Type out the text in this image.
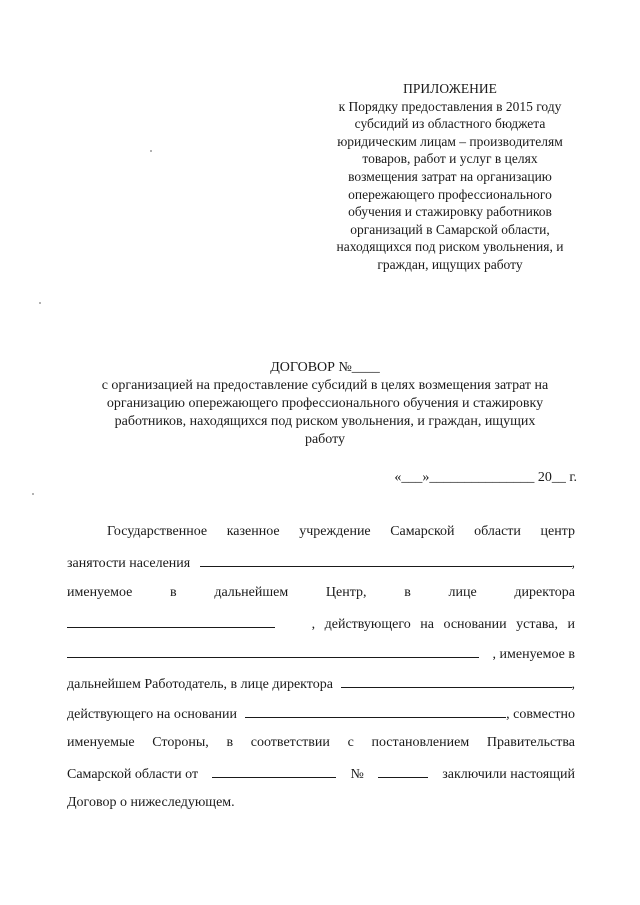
ПРИЛОЖЕНИЕ
к Порядку предоставления в 2015 году
субсидий из областного бюджета
юридическим лицам – производителям
товаров, работ и услуг в целях
возмещения затрат на организацию
опережающего профессионального
обучения и стажировку работников
организаций в Самарской области,
находящихся под риском увольнения, и
граждан, ищущих работу
ДОГОВОР №____
с организацией на предоставление субсидий в целях возмещения затрат на
организацию опережающего профессионального обучения и стажировку
работников, находящихся под риском увольнения, и граждан, ищущих
работу
«___»_______________ 20__ г.
Государственное казенное учреждение Самарской области центр
занятости населения	,
именуемое	в	дальнейшем	Центр,	в	лице	директора
, действующего на основании устава, и
, именуемое в
дальнейшем Работодатель, в лице директора	,
действующего на основании	, совместно
именуемые Стороны, в соответствии с постановлением Правительства
Самарской области от	№	заключили настоящий
Договор о нижеследующем.
